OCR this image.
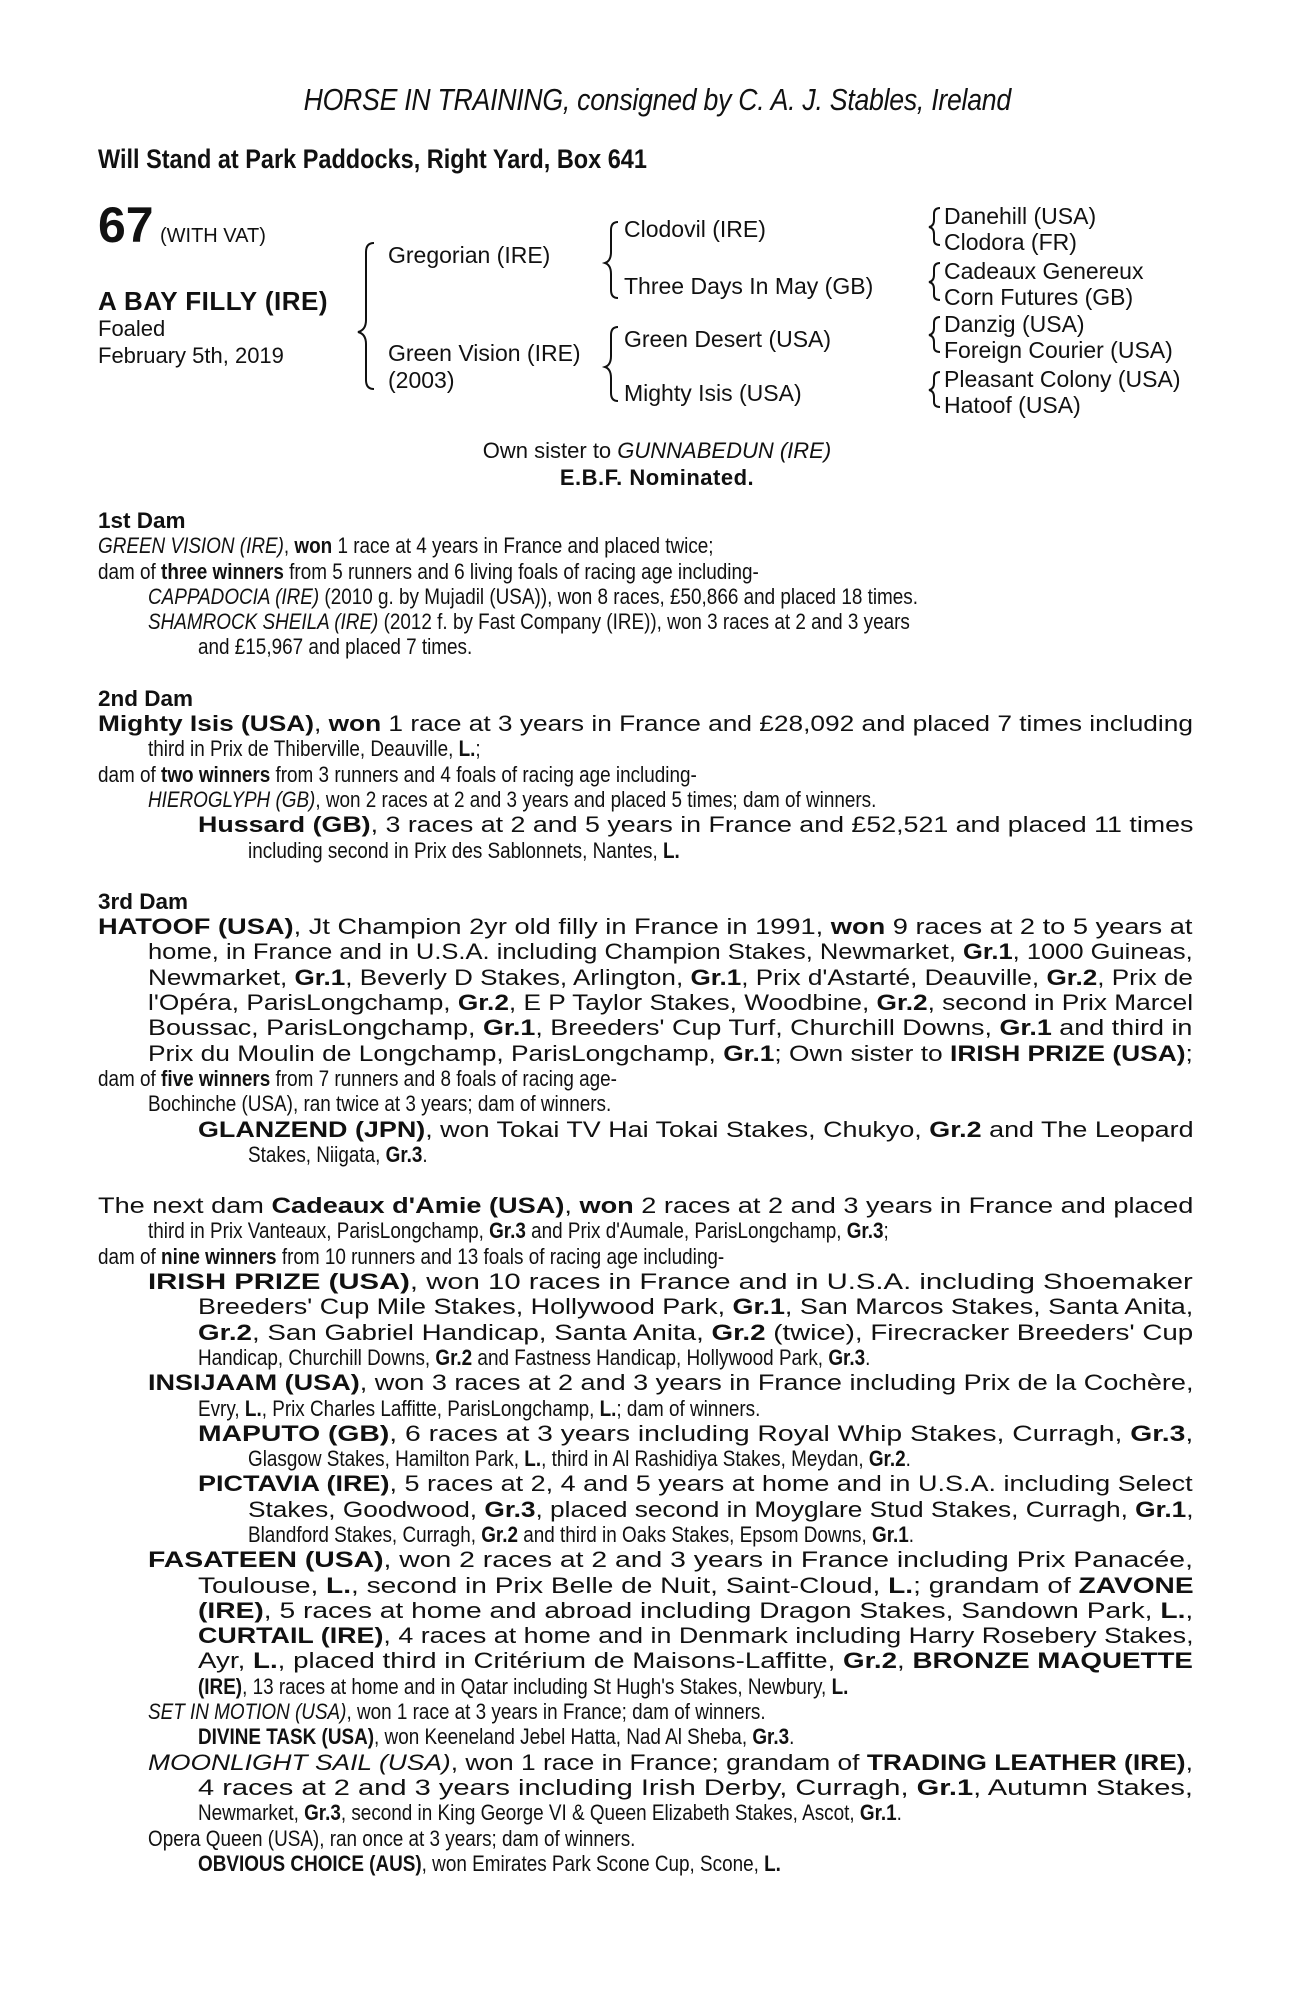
HORSE IN TRAINING, consigned by C. A. J. Stables, Ireland
Will Stand at Park Paddocks, Right Yard, Box 641
67 (WITH VAT)
A BAY FILLY (IRE)
Foaled
February 5th, 2019
Gregorian (IRE)
Green Vision (IRE)
(2003)
Clodovil (IRE)
Three Days In May (GB)
Green Desert (USA)
Mighty Isis (USA)
Danehill (USA)
Clodora (FR)
Cadeaux Genereux
Corn Futures (GB)
Danzig (USA)
Foreign Courier (USA)
Pleasant Colony (USA)
Hatoof (USA)
Own sister to GUNNABEDUN (IRE)
E.B.F. Nominated.
1st Dam
GREEN VISION (IRE), won 1 race at 4 years in France and placed twice;
dam of three winners from 5 runners and 6 living foals of racing age including-
CAPPADOCIA (IRE) (2010 g. by Mujadil (USA)), won 8 races, £50,866 and placed 18 times.
SHAMROCK SHEILA (IRE) (2012 f. by Fast Company (IRE)), won 3 races at 2 and 3 years
and £15,967 and placed 7 times.
2nd Dam
Mighty Isis (USA), won 1 race at 3 years in France and £28,092 and placed 7 times including
third in Prix de Thiberville, Deauville, L.;
dam of two winners from 3 runners and 4 foals of racing age including-
HIEROGLYPH (GB), won 2 races at 2 and 3 years and placed 5 times; dam of winners.
Hussard (GB), 3 races at 2 and 5 years in France and £52,521 and placed 11 times
including second in Prix des Sablonnets, Nantes, L.
3rd Dam
HATOOF (USA), Jt Champion 2yr old filly in France in 1991, won 9 races at 2 to 5 years at
home, in France and in U.S.A. including Champion Stakes, Newmarket, Gr.1, 1000 Guineas,
Newmarket, Gr.1, Beverly D Stakes, Arlington, Gr.1, Prix d'Astarté, Deauville, Gr.2, Prix de
l'Opéra, ParisLongchamp, Gr.2, E P Taylor Stakes, Woodbine, Gr.2, second in Prix Marcel
Boussac, ParisLongchamp, Gr.1, Breeders' Cup Turf, Churchill Downs, Gr.1 and third in
Prix du Moulin de Longchamp, ParisLongchamp, Gr.1; Own sister to IRISH PRIZE (USA);
dam of five winners from 7 runners and 8 foals of racing age-
Bochinche (USA), ran twice at 3 years; dam of winners.
GLANZEND (JPN), won Tokai TV Hai Tokai Stakes, Chukyo, Gr.2 and The Leopard
Stakes, Niigata, Gr.3.
The next dam Cadeaux d'Amie (USA), won 2 races at 2 and 3 years in France and placed
third in Prix Vanteaux, ParisLongchamp, Gr.3 and Prix d'Aumale, ParisLongchamp, Gr.3;
dam of nine winners from 10 runners and 13 foals of racing age including-
IRISH PRIZE (USA), won 10 races in France and in U.S.A. including Shoemaker
Breeders' Cup Mile Stakes, Hollywood Park, Gr.1, San Marcos Stakes, Santa Anita,
Gr.2, San Gabriel Handicap, Santa Anita, Gr.2 (twice), Firecracker Breeders' Cup
Handicap, Churchill Downs, Gr.2 and Fastness Handicap, Hollywood Park, Gr.3.
INSIJAAM (USA), won 3 races at 2 and 3 years in France including Prix de la Cochère,
Evry, L., Prix Charles Laffitte, ParisLongchamp, L.; dam of winners.
MAPUTO (GB), 6 races at 3 years including Royal Whip Stakes, Curragh, Gr.3,
Glasgow Stakes, Hamilton Park, L., third in Al Rashidiya Stakes, Meydan, Gr.2.
PICTAVIA (IRE), 5 races at 2, 4 and 5 years at home and in U.S.A. including Select
Stakes, Goodwood, Gr.3, placed second in Moyglare Stud Stakes, Curragh, Gr.1,
Blandford Stakes, Curragh, Gr.2 and third in Oaks Stakes, Epsom Downs, Gr.1.
FASATEEN (USA), won 2 races at 2 and 3 years in France including Prix Panacée,
Toulouse, L., second in Prix Belle de Nuit, Saint-Cloud, L.; grandam of ZAVONE
(IRE), 5 races at home and abroad including Dragon Stakes, Sandown Park, L.,
CURTAIL (IRE), 4 races at home and in Denmark including Harry Rosebery Stakes,
Ayr, L., placed third in Critérium de Maisons-Laffitte, Gr.2, BRONZE MAQUETTE
(IRE), 13 races at home and in Qatar including St Hugh's Stakes, Newbury, L.
SET IN MOTION (USA), won 1 race at 3 years in France; dam of winners.
DIVINE TASK (USA), won Keeneland Jebel Hatta, Nad Al Sheba, Gr.3.
MOONLIGHT SAIL (USA), won 1 race in France; grandam of TRADING LEATHER (IRE),
4 races at 2 and 3 years including Irish Derby, Curragh, Gr.1, Autumn Stakes,
Newmarket, Gr.3, second in King George VI & Queen Elizabeth Stakes, Ascot, Gr.1.
Opera Queen (USA), ran once at 3 years; dam of winners.
OBVIOUS CHOICE (AUS), won Emirates Park Scone Cup, Scone, L.
